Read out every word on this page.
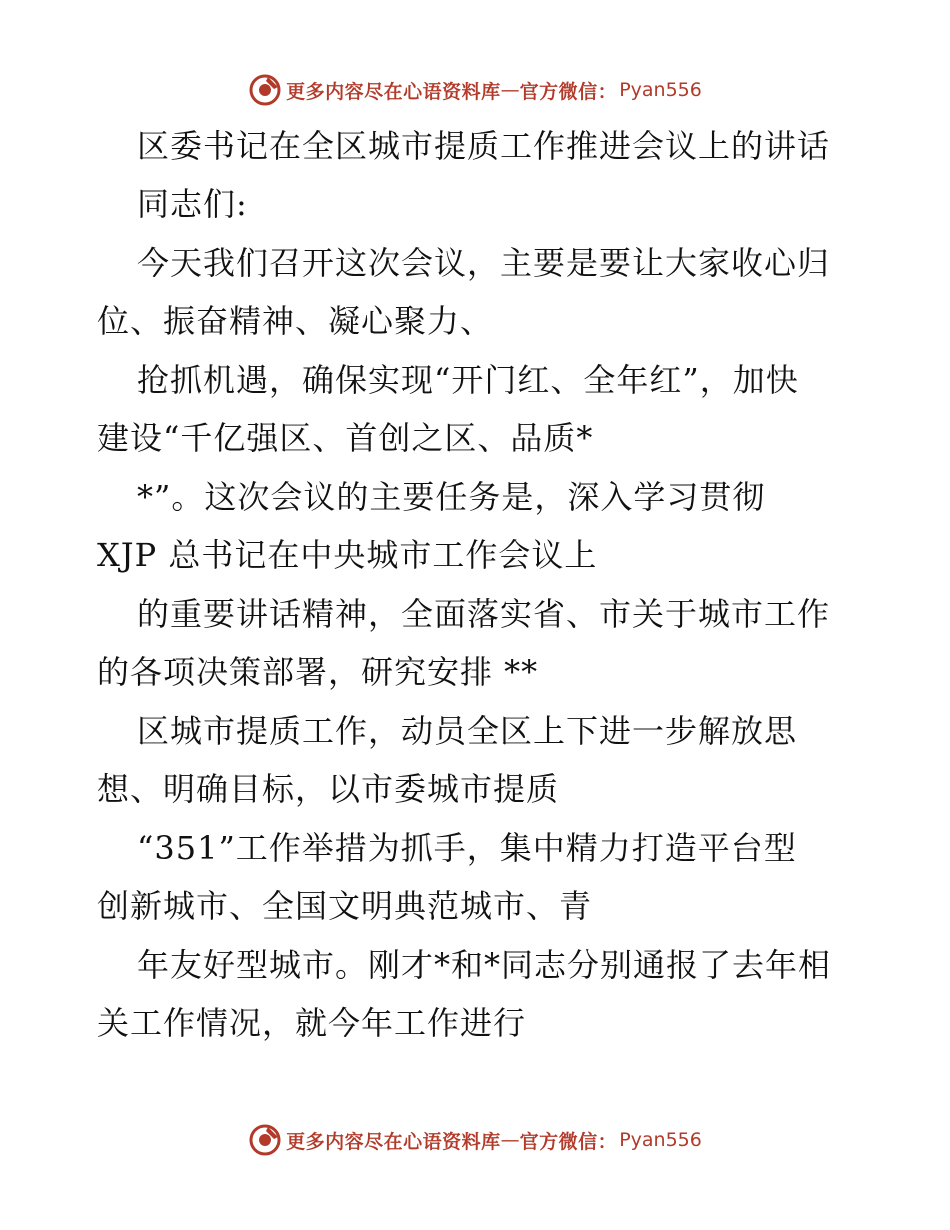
更多内容尽在心语资料库 — 官方微信： Pyan556
区委书记在全区城市提质工作推进会议上的讲话
同志们:
今天我们召开这次会议，主要是要让大家收心归
位、振奋精神、凝心聚力、
抢抓机遇，确保实现“开门红、全年红”，加快
建设“千亿强区、首创之区、品质*
*”。这次会议的主要任务是，深入学习贯彻
XJP 总书记在中央城市工作会议上
的重要讲话精神，全面落实省、市关于城市工作
的各项决策部署，研究安排 **
区城市提质工作，动员全区上下进一步解放思
想、明确目标，以市委城市提质
“351”工作举措为抓手，集中精力打造平台型
创新城市、全国文明典范城市、青
年友好型城市。刚才*和*同志分别通报了去年相
关工作情况，就今年工作进行
更多内容尽在心语资料库 — 官方微信： Pyan556
